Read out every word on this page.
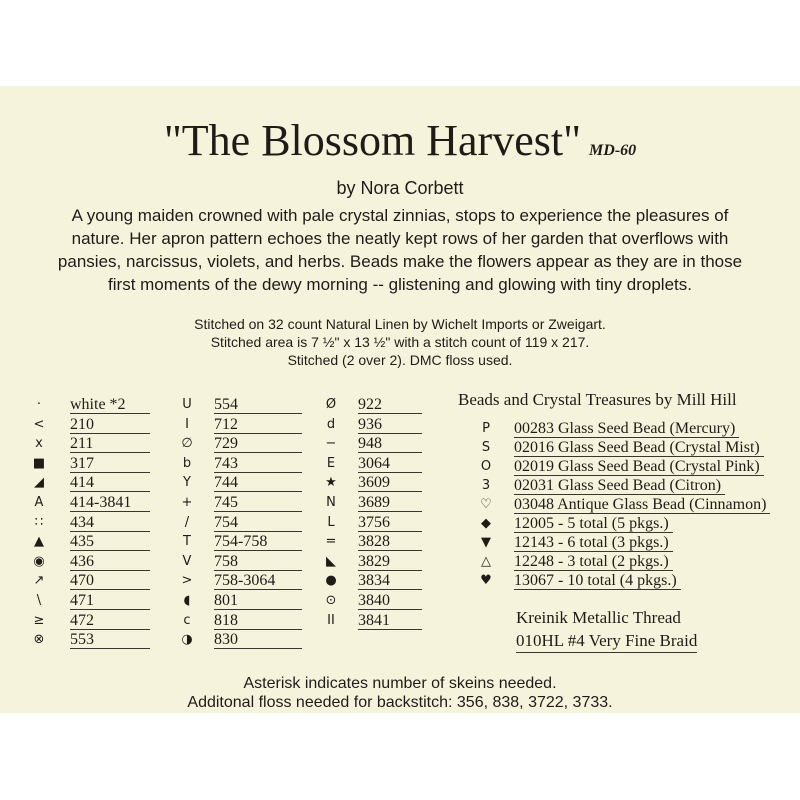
"The Blossom Harvest" MD-60
by Nora Corbett
A young maiden crowned with pale crystal zinnias, stops to experience the pleasures of
nature. Her apron pattern echoes the neatly kept rows of her garden that overflows with
pansies, narcissus, violets, and herbs. Beads make the flowers appear as they are in those
first moments of the dewy morning -- glistening and glowing with tiny droplets.
Stitched on 32 count Natural Linen by Wichelt Imports or Zweigart.
Stitched area is 7 ½" x 13 ½" with a stitch count of 119 x 217.
Stitched (2 over 2). DMC floss used.
·	white *2
< 210
x	211
■ 317
◢ 414
A 414-3841
∷	434
▲ 435
◉ 436
↗ 470
\	471
≥ 472
⊗ 553
U 554
I	712
∅ 729
b	743
Y	744
+ 745
/	754
T	754-758
V 758
> 758-3064
◖	801
c	818
◑ 830
Ø 922
d	936
− 948
E	3064
★ 3609
N 3689
L	3756
= 3828
◣ 3829
● 3834
⊙ 3840
II	3841
Beads and Crystal Treasures by Mill Hill
P 00283 Glass Seed Bead (Mercury)
S 02016 Glass Seed Bead (Crystal Mist)
O 02019 Glass Seed Bead (Crystal Pink)
3 02031 Glass Seed Bead (Citron)
♡ 03048 Antique Glass Bead (Cinnamon)
◆ 12005 - 5 total (5 pkgs.)
▼ 12143 - 6 total (3 pkgs.)
△ 12248 - 3 total (2 pkgs.)
♥ 13067 - 10 total (4 pkgs.)
Kreinik Metallic Thread
010HL #4 Very Fine Braid
Asterisk indicates number of skeins needed.
Additonal floss needed for backstitch: 356, 838, 3722, 3733.
